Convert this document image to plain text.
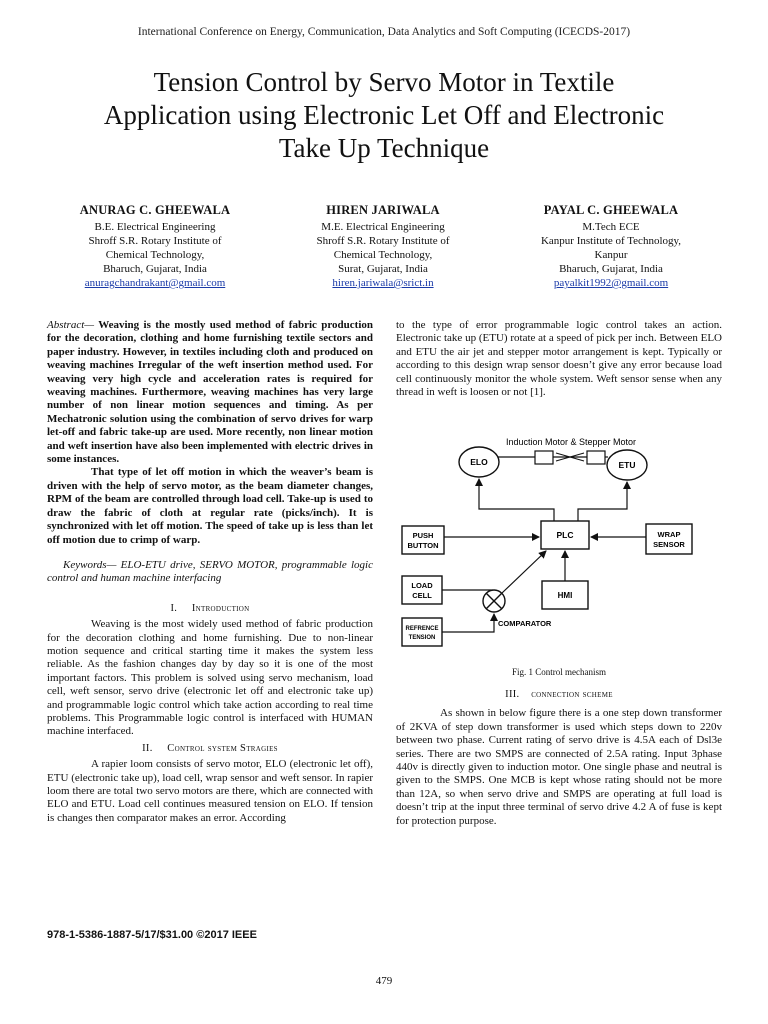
International Conference on Energy, Communication, Data Analytics and Soft Computing (ICECDS-2017)
Tension Control by Servo Motor in Textile
Application using Electronic Let Off and Electronic
Take Up Technique
ANURAG C. GHEEWALA
B.E. Electrical Engineering
Shroff S.R. Rotary Institute of
Chemical Technology,
Bharuch, Gujarat, India
anuragchandrakant@gmail.com
HIREN JARIWALA
M.E. Electrical Engineering
Shroff S.R. Rotary Institute of
Chemical Technology,
Surat, Gujarat, India
hiren.jariwala@srict.in
PAYAL C. GHEEWALA
M.Tech ECE
Kanpur Institute of Technology,
Kanpur
Bharuch, Gujarat, India
payalkit1992@gmail.com

Abstract— Weaving is the mostly used method of fabric production for the decoration, clothing and home furnishing textile sectors and paper industry. However, in textiles including cloth and produced on weaving machines Irregular of the weft insertion method used. For weaving very high cycle and acceleration rates is required for weaving machines. Furthermore, weaving machines has very large number of non linear motion sequences and timing. As per Mechatronic solution using the combination of servo drives for warp let-off and fabric take-up are used. More recently, non linear motion and weft insertion have also been implemented with electric drives in some instances.

That type of let off motion in which the weaver’s beam is driven with the help of servo motor, as the beam diameter changes, RPM of the beam are controlled through load cell. Take-up is used to draw the fabric of cloth at regular rate (picks/inch). It is synchronized with let off motion. The speed of take up is less than let off motion due to crimp of warp.

Keywords— ELO-ETU drive, SERVO MOTOR, programmable logic control and human machine interfacing

I. Introduction

Weaving is the most widely used method of fabric production for the decoration clothing and home furnishing. Due to non-linear motion sequence and critical starting time it makes the system less reliable. As the fashion changes day by day so it is one of the most important factors. This problem is solved using servo mechanism, load cell, weft sensor, servo drive (electronic let off and electronic take up) and programmable logic control which take action according to real time problems. This Programmable logic control is interfaced with HUMAN machine interfaced.

II. Control system Stragies

A rapier loom consists of servo motor, ELO (electronic let off), ETU (electronic take up), load cell, wrap sensor and weft sensor. In rapier loom there are total two servo motors are there, which are connected with ELO and ETU. Load cell continues measured tension on ELO. If tension is changes then comparator makes an error. According

to the type of error programmable logic control takes an action. Electronic take up (ETU) rotate at a speed of pick per inch. Between ELO and ETU the air jet and stepper motor arrangement is kept. Typically or according to this design wrap sensor doesn’t give any error because load cell continuously monitor the whole system. Weft sensor sense when any thread in weft is loosen or not [1].

Induction Motor & Stepper Motor
ELO	ETU
PLC
PUSH
BUTTON
WRAP
SENSOR
LOAD
CELL
COMPARATOR
REFRENCE
TENSION
HMI
Fig. 1 Control mechanism

III. connection scheme

As shown in below figure there is a one step down transformer of 2KVA of step down transformer is used which steps down to 220v between two phase. Current rating of servo drive is 4.5A each of Dsl3e series. There are two SMPS are connected of 2.5A rating. Input 3phase 440v is directly given to induction motor. One single phase and neutral is given to the SMPS. One MCB is kept whose rating should not be more than 12A, so when servo drive and SMPS are operating at full load is doesn’t trip at the input three terminal of servo drive 4.2 A of fuse is kept for protection purpose.

978-1-5386-1887-5/17/$31.00 ©2017 IEEE
479
